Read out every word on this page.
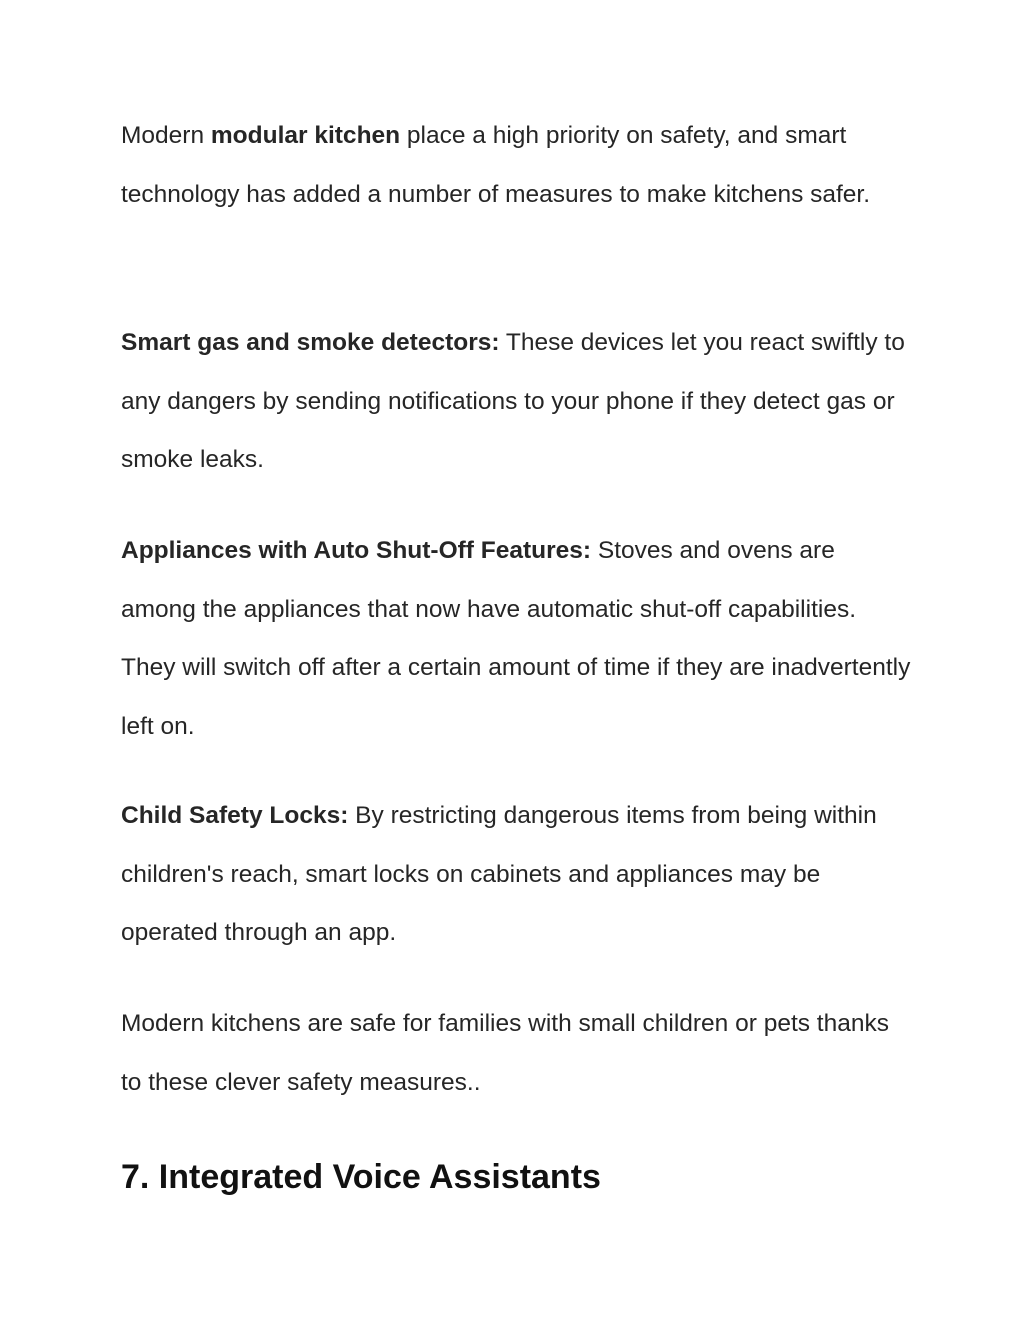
Modern modular kitchen place a high priority on safety, and smart technology has added a number of measures to make kitchens safer.

Smart gas and smoke detectors: These devices let you react swiftly to any dangers by sending notifications to your phone if they detect gas or smoke leaks.

Appliances with Auto Shut-Off Features: Stoves and ovens are among the appliances that now have automatic shut-off capabilities. They will switch off after a certain amount of time if they are inadvertently left on.

Child Safety Locks: By restricting dangerous items from being within children's reach, smart locks on cabinets and appliances may be operated through an app.

Modern kitchens are safe for families with small children or pets thanks to these clever safety measures..

7. Integrated Voice Assistants
